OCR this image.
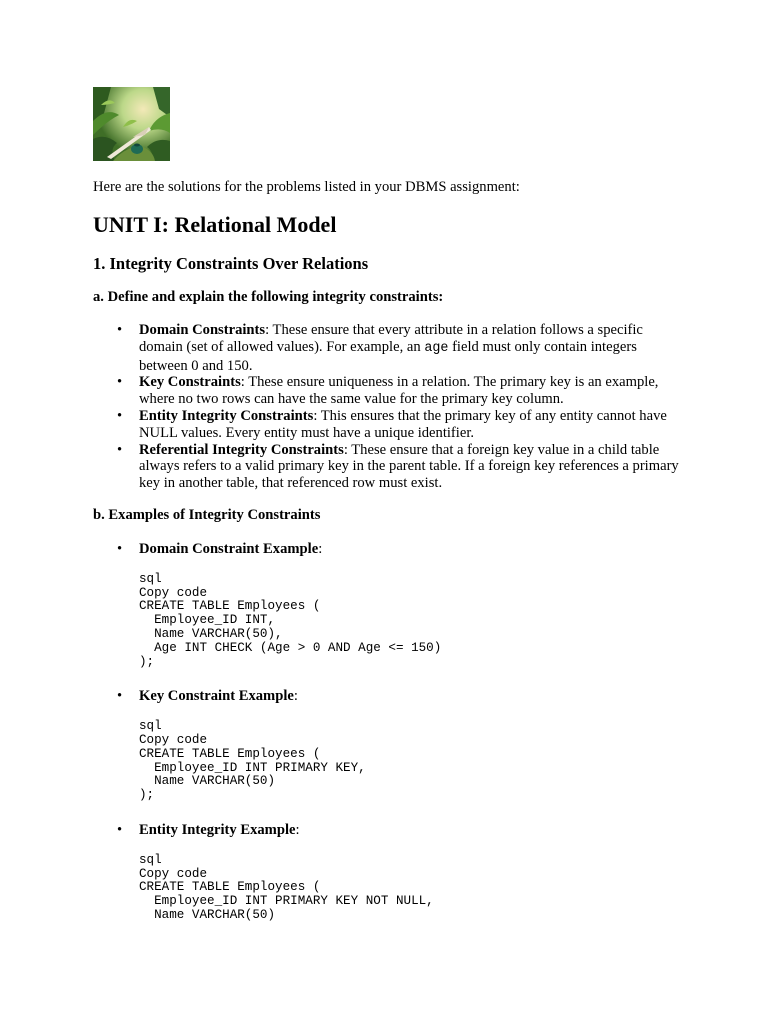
Here are the solutions for the problems listed in your DBMS assignment:

UNIT I: Relational Model
1. Integrity Constraints Over Relations
a. Define and explain the following integrity constraints:
• Domain Constraints: These ensure that every attribute in a relation follows a specific domain (set of allowed values). For example, an age field must only contain integers between 0 and 150.
• Key Constraints: These ensure uniqueness in a relation. The primary key is an example, where no two rows can have the same value for the primary key column.
• Entity Integrity Constraints: This ensures that the primary key of any entity cannot have NULL values. Every entity must have a unique identifier.
• Referential Integrity Constraints: These ensure that a foreign key value in a child table always refers to a valid primary key in the parent table. If a foreign key references a primary key in another table, that referenced row must exist.
b. Examples of Integrity Constraints
• Domain Constraint Example:
sql
Copy code
CREATE TABLE Employees (
Employee_ID INT,
Name VARCHAR(50),
Age INT CHECK (Age > 0 AND Age <= 150)
);
• Key Constraint Example:
sql
Copy code
CREATE TABLE Employees (
Employee_ID INT PRIMARY KEY,
Name VARCHAR(50)
);
• Entity Integrity Example:
sql
Copy code
CREATE TABLE Employees (
Employee_ID INT PRIMARY KEY NOT NULL,
Name VARCHAR(50)
